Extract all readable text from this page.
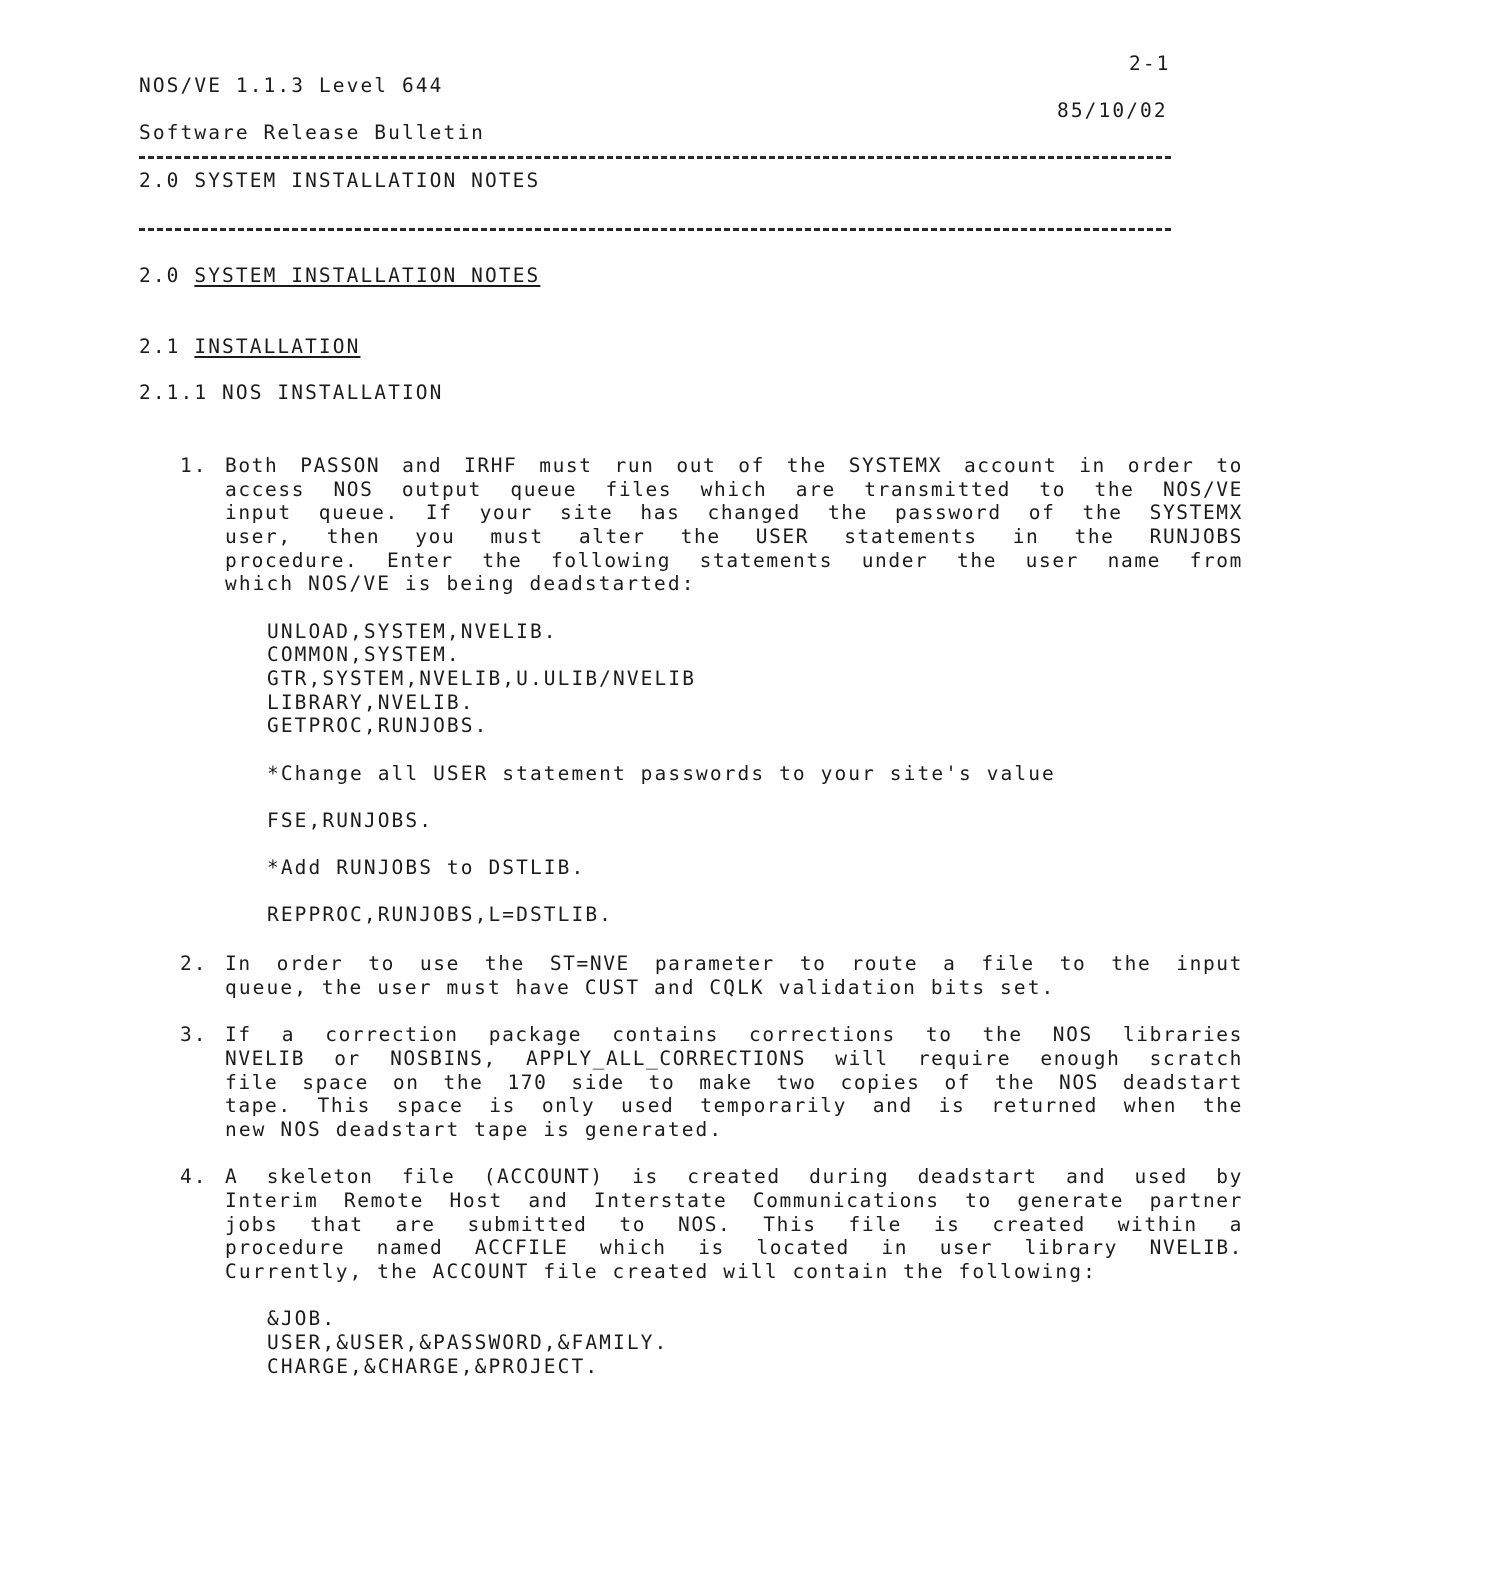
2-1
NOS/VE 1.1.3 Level 644
85/10/02
Software Release Bulletin
2.0 SYSTEM INSTALLATION NOTES
2.0 SYSTEM_INSTALLATION_NOTES
2.1 INSTALLATION
2.1.1 NOS INSTALLATION
1. Both PASSON and IRHF must run out of the SYSTEMX account in order to
access NOS output queue files which are transmitted to the NOS/VE
input queue. If your site has changed the password of the SYSTEMX
user, then you must alter the USER statements in the RUNJOBS
procedure. Enter the following statements under the user name from
which NOS/VE is being deadstarted:
UNLOAD,SYSTEM,NVELIB.
COMMON,SYSTEM.
GTR,SYSTEM,NVELIB,U.ULIB/NVELIB
LIBRARY,NVELIB.
GETPROC,RUNJOBS.
*Change all USER statement passwords to your site's value
FSE,RUNJOBS.
*Add RUNJOBS to DSTLIB.
REPPROC,RUNJOBS,L=DSTLIB.
2. In order to use the ST=NVE parameter to route a file to the input
queue, the user must have CUST and CQLK validation bits set.
3. If a correction package contains corrections to the NOS libraries
NVELIB or NOSBINS, APPLY_ALL_CORRECTIONS will require enough scratch
file space on the 170 side to make two copies of the NOS deadstart
tape. This space is only used temporarily and is returned when the
new NOS deadstart tape is generated.
4. A skeleton file (ACCOUNT) is created during deadstart and used by
Interim Remote Host and Interstate Communications to generate partner
jobs that are submitted to NOS. This file is created within a
procedure named ACCFILE which is located in user library NVELIB.
Currently, the ACCOUNT file created will contain the following:
&JOB.
USER,&USER,&PASSWORD,&FAMILY.
CHARGE,&CHARGE,&PROJECT.
